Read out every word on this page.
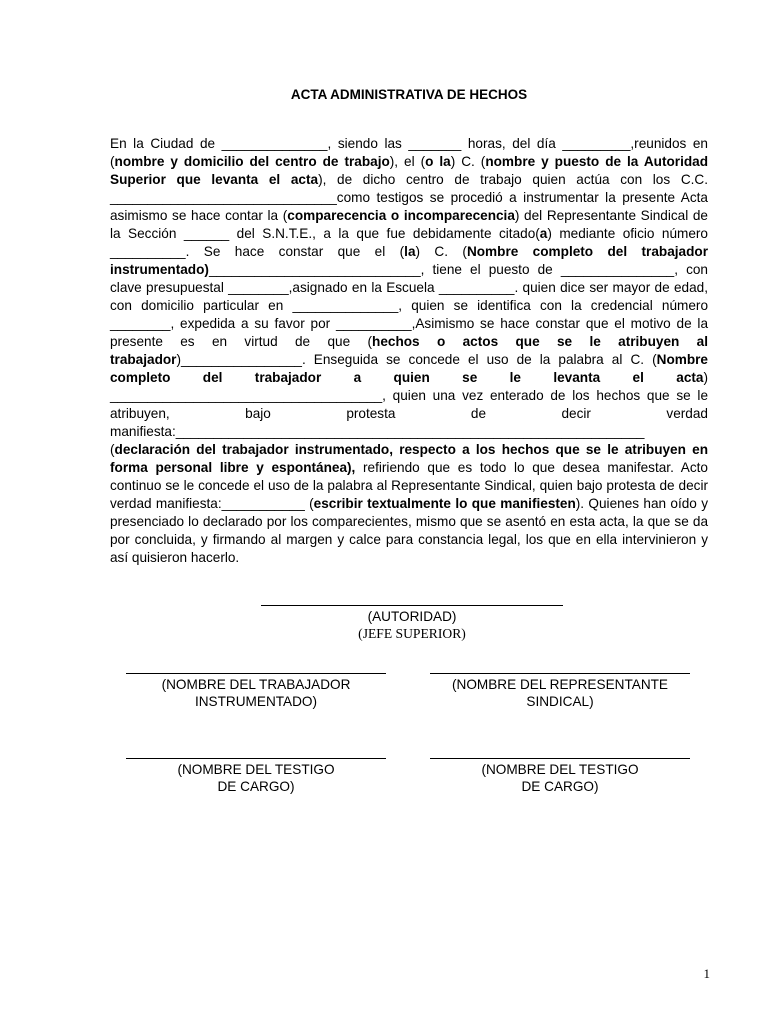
ACTA ADMINISTRATIVA DE HECHOS
En la Ciudad de ______________, siendo las _______ horas, del día _________,reunidos en (nombre y domicilio del centro de trabajo), el (o la) C. (nombre y puesto de la Autoridad Superior que levanta el acta), de dicho centro de trabajo quien actúa con los C.C. ______________________________como testigos se procedió a instrumentar la presente Acta asimismo se hace contar la (comparecencia o incomparecencia) del Representante Sindical de la Sección ______ del S.N.T.E., a la que fue debidamente citado(a) mediante oficio número __________. Se hace constar que el (la) C. (Nombre completo del trabajador instrumentado)____________________________, tiene el puesto de _______________, con clave presupuestal ________,asignado en la Escuela __________. quien dice ser mayor de edad, con domicilio particular en ______________, quien se identifica con la credencial número ________, expedida a su favor por __________,Asimismo se hace constar que el motivo de la presente es en virtud de que (hechos o actos que se le atribuyen al trabajador)________________. Enseguida se concede el uso de la palabra al C. (Nombre completo del trabajador a quien se le levanta el acta) ____________________________________, quien una vez enterado de los hechos que se le atribuyen, bajo protesta de decir verdad manifiesta:______________________________________________________________ (declaración del trabajador instrumentado, respecto a los hechos que se le atribuyen en forma personal libre y espontánea), refiriendo que es todo lo que desea manifestar. Acto continuo se le concede el uso de la palabra al Representante Sindical, quien bajo protesta de decir verdad manifiesta:___________ (escribir textualmente lo que manifiesten). Quienes han oído y presenciado lo declarado por los comparecientes, mismo que se asentó en esta acta, la que se da por concluida, y firmando al margen y calce para constancia legal, los que en ella intervinieron y así quisieron hacerlo.
(AUTORIDAD)
(JEFE SUPERIOR)
(NOMBRE DEL TRABAJADOR
INSTRUMENTADO)
(NOMBRE DEL REPRESENTANTE
SINDICAL)
(NOMBRE DEL TESTIGO
DE CARGO)
(NOMBRE DEL TESTIGO
DE CARGO)
1
